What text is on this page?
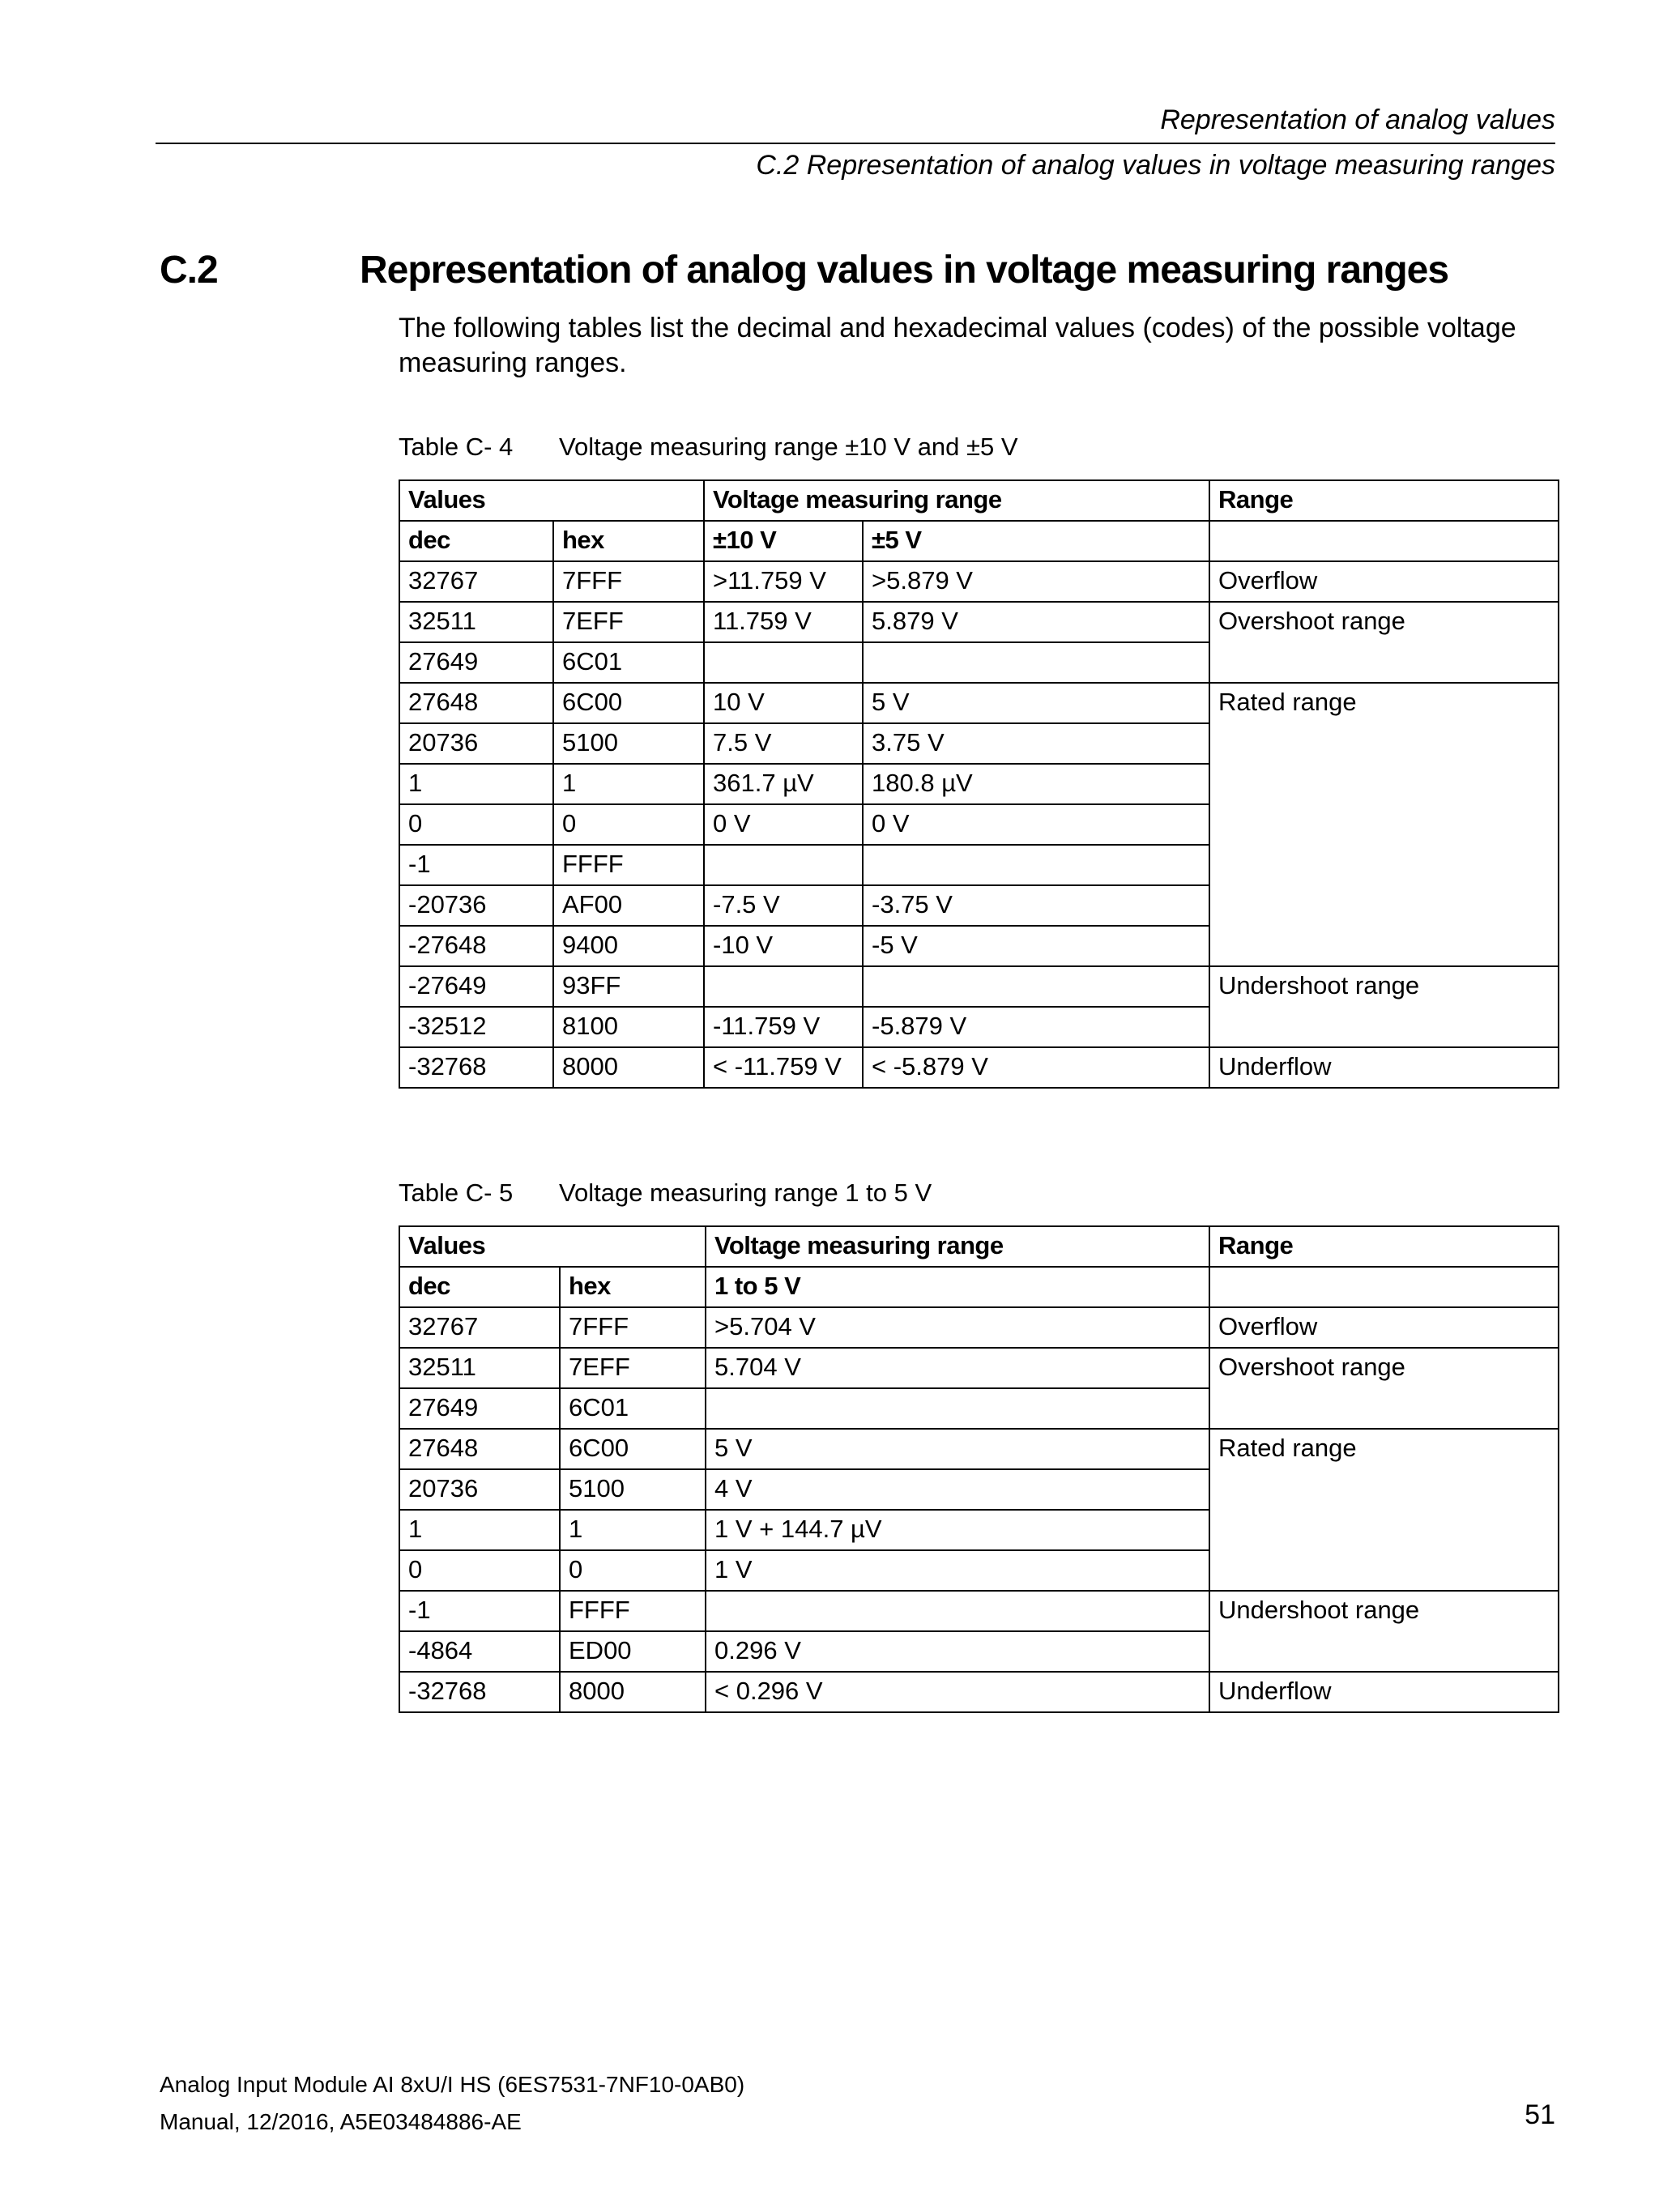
Representation of analog values
C.2 Representation of analog values in voltage measuring ranges
C.2	Representation of analog values in voltage measuring ranges
The following tables list the decimal and hexadecimal values (codes) of the possible voltage measuring ranges.
Table C- 4 Voltage measuring range ±10 V and ±5 V
Values		Voltage measuring range		Range
dec	hex	±10 V	±5 V	
32767	7FFF	>11.759 V	>5.879 V	Overflow
32511	7EFF	11.759 V	5.879 V	Overshoot range
27649	6C01			
27648	6C00	10 V	5 V	Rated range
20736	5100	7.5 V	3.75 V	
1	1	361.7 µV	180.8 µV	
0	0	0 V	0 V	
-1	FFFF			
-20736	AF00	-7.5 V	-3.75 V	
-27648	9400	-10 V	-5 V	
-27649	93FF			Undershoot range
-32512	8100	-11.759 V	-5.879 V	
-32768	8000	< -11.759 V	< -5.879 V	Underflow
Table C- 5 Voltage measuring range 1 to 5 V
Values		Voltage measuring range	Range
dec	hex	1 to 5 V	
32767	7FFF	>5.704 V	Overflow
32511	7EFF	5.704 V	Overshoot range
27649	6C01		
27648	6C00	5 V	Rated range
20736	5100	4 V	
1	1	1 V + 144.7 µV	
0	0	1 V	
-1	FFFF		Undershoot range
-4864	ED00	0.296 V	
-32768	8000	< 0.296 V	Underflow
Analog Input Module AI 8xU/I HS (6ES7531-7NF10-0AB0)
Manual, 12/2016, A5E03484886-AE	51
